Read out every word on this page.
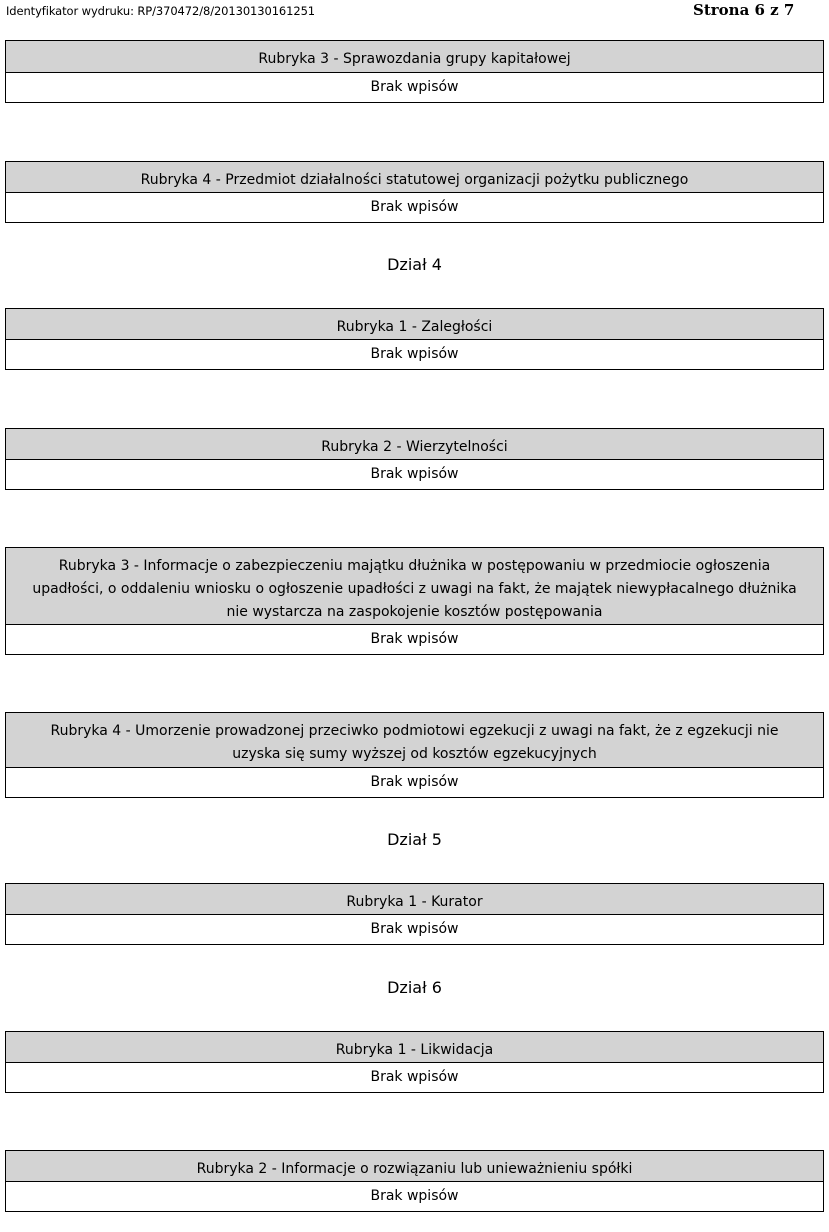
Identyfikator wydruku: RP/370472/8/20130130161251	Strona 6 z 7
Rubryka 3 - Sprawozdania grupy kapitałowej
Brak wpisów
Rubryka 4 - Przedmiot działalności statutowej organizacji pożytku publicznego
Brak wpisów
Dział 4
Rubryka 1 - Zaległości
Brak wpisów
Rubryka 2 - Wierzytelności
Brak wpisów
Rubryka 3 - Informacje o zabezpieczeniu majątku dłużnika w postępowaniu w przedmiocie ogłoszenia upadłości, o oddaleniu wniosku o ogłoszenie upadłości z uwagi na fakt, że majątek niewypłacalnego dłużnika nie wystarcza na zaspokojenie kosztów postępowania
Brak wpisów
Rubryka 4 - Umorzenie prowadzonej przeciwko podmiotowi egzekucji z uwagi na fakt, że z egzekucji nie uzyska się sumy wyższej od kosztów egzekucyjnych
Brak wpisów
Dział 5
Rubryka 1 - Kurator
Brak wpisów
Dział 6
Rubryka 1 - Likwidacja
Brak wpisów
Rubryka 2 - Informacje o rozwiązaniu lub unieważnieniu spółki
Brak wpisów
